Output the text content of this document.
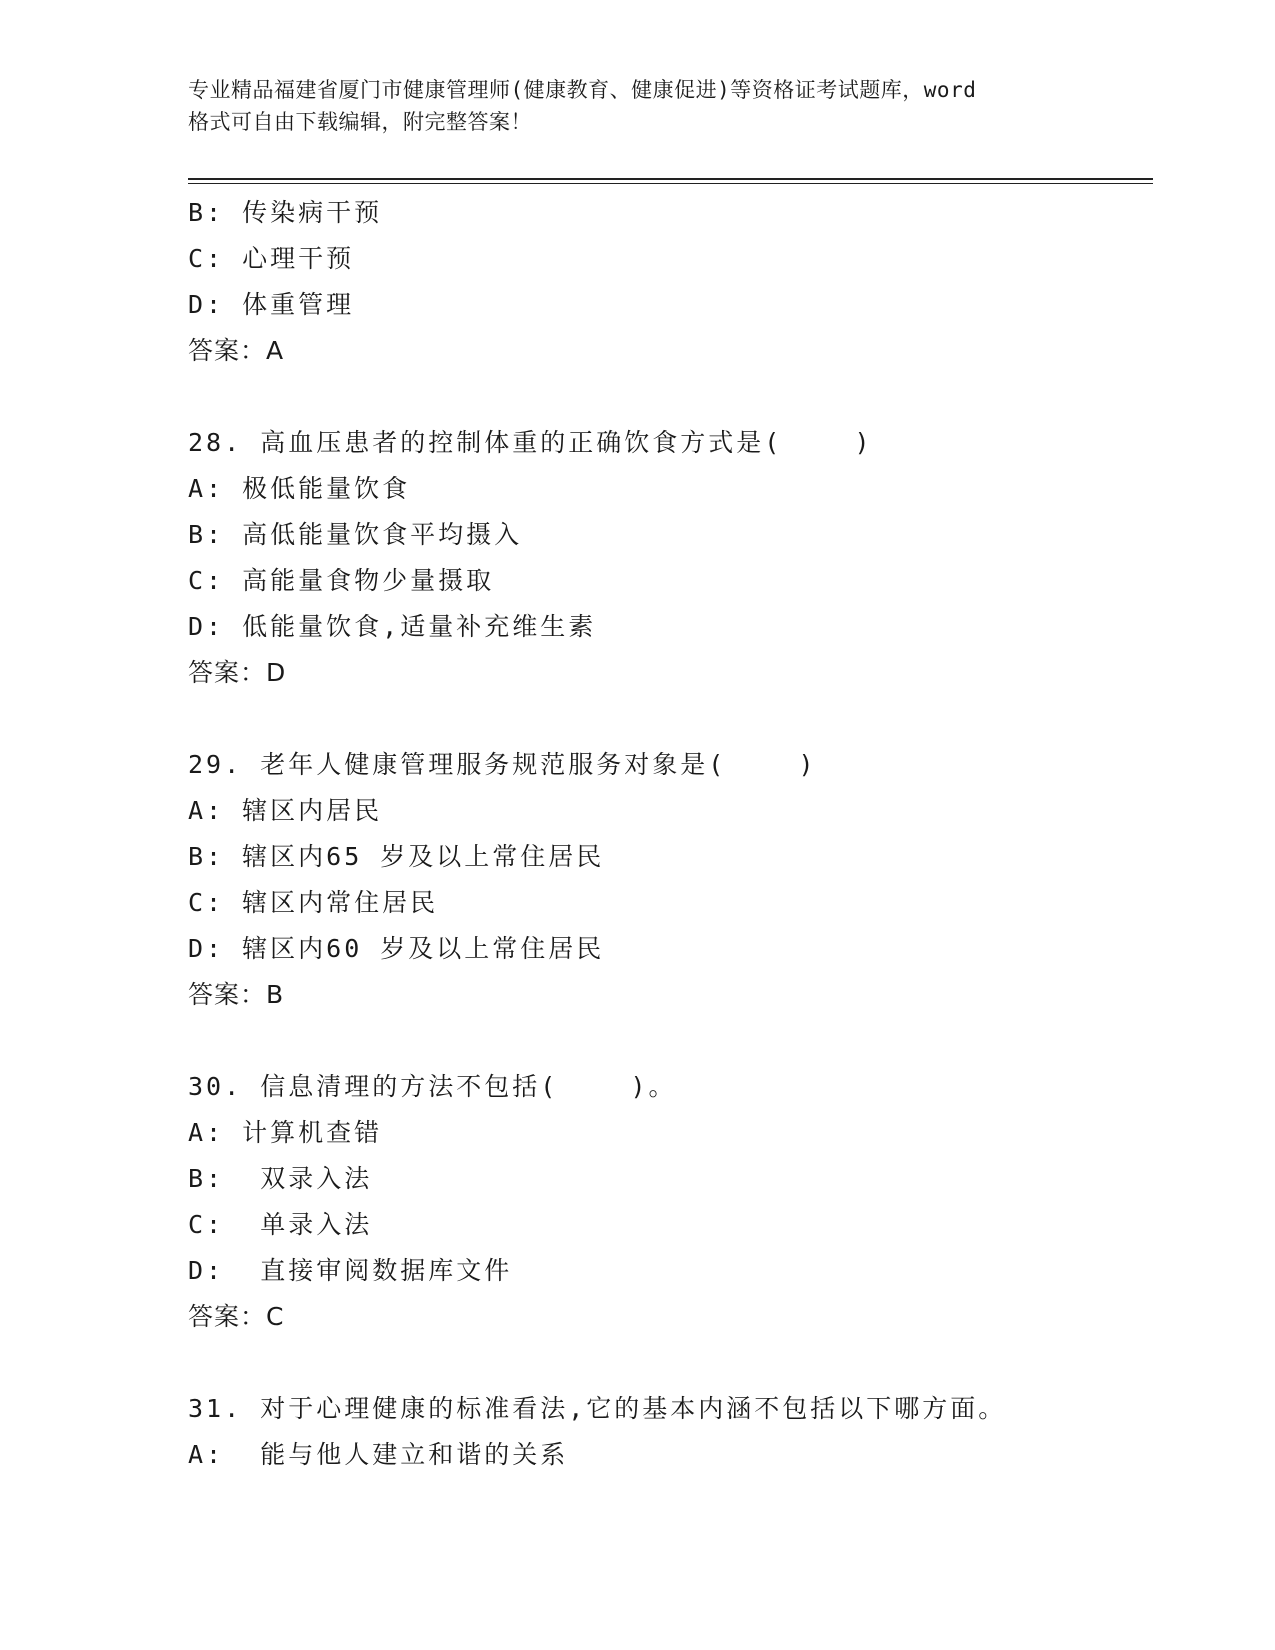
专业精品福建省厦门市健康管理师(健康教育、健康促进)等资格证考试题库，word
格式可自由下载编辑，附完整答案！
B: 传染病干预
C: 心理干预
D: 体重管理
答案：A
28. 高血压患者的控制体重的正确饮食方式是(    )
A: 极低能量饮食
B: 高低能量饮食平均摄入
C: 高能量食物少量摄取
D: 低能量饮食,适量补充维生素
答案：D
29. 老年人健康管理服务规范服务对象是(    )
A: 辖区内居民
B: 辖区内65 岁及以上常住居民
C: 辖区内常住居民
D: 辖区内60 岁及以上常住居民
答案：B
30. 信息清理的方法不包括(    )。
A: 计算机查错
B:  双录入法
C:  单录入法
D:  直接审阅数据库文件
答案：C
31. 对于心理健康的标准看法,它的基本内涵不包括以下哪方面。
A:  能与他人建立和谐的关系
